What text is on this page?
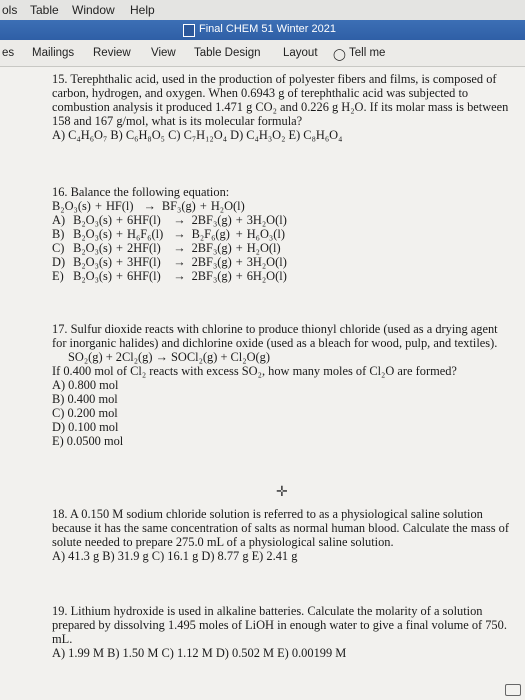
ols Table Window Help
Final CHEM 51 Winter 2021
es Mailings Review View Table Design Layout ◯ Tell me

15. Terephthalic acid, used in the production of polyester fibers and films, is composed of carbon, hydrogen, and oxygen. When 0.6943 g of terephthalic acid was subjected to combustion analysis it produced 1.471 g CO₂ and 0.226 g H₂O. If its molar mass is between 158 and 167 g/mol, what is its molecular formula?

A) C₄H₆O₇ B) C₆H₈O₅ C) C₇H₁₂O₄ D) C₄H₃O₂ E) C₈H₆O₄

16. Balance the following equation:

B₂O₃(s)	+	HF(l)	→	BF₃(g)	+	H₂O(l)
A)	B₂O₃(s)	+	6HF(l)	→	2BF₃(g)	+	3H₂O(l)
B)	B₂O₃(s)	+	H₆F₆(l)	→	B₂F₆(g)	+	H₆O₃(l)
C)	B₂O₃(s)	+	2HF(l)	→	2BF₃(g)	+	H₂O(l)
D)	B₂O₃(s)	+	3HF(l)	→	2BF₃(g)	+	3H₂O(l)
E)	B₂O₃(s)	+	6HF(l)	→	2BF₃(g)	+	6H₂O(l)

17. Sulfur dioxide reacts with chlorine to produce thionyl chloride (used as a drying agent for inorganic halides) and dichlorine oxide (used as a bleach for wood, pulp, and textiles).

SO₂(g) + 2Cl₂(g) → SOCl₂(g) + Cl₂O(g)

If 0.400 mol of Cl₂ reacts with excess SO₂, how many moles of Cl₂O are formed?

A) 0.800 mol
B) 0.400 mol
C) 0.200 mol
D) 0.100 mol
E) 0.0500 mol
✛

18. A 0.150 M sodium chloride solution is referred to as a physiological saline solution because it has the same concentration of salts as normal human blood. Calculate the mass of solute needed to prepare 275.0 mL of a physiological saline solution.

A) 41.3 g B) 31.9 g C) 16.1 g D) 8.77 g E) 2.41 g

19. Lithium hydroxide is used in alkaline batteries. Calculate the molarity of a solution prepared by dissolving 1.495 moles of LiOH in enough water to give a final volume of 750. mL.

A) 1.99 M B) 1.50 M C) 1.12 M D) 0.502 M E) 0.00199 M
